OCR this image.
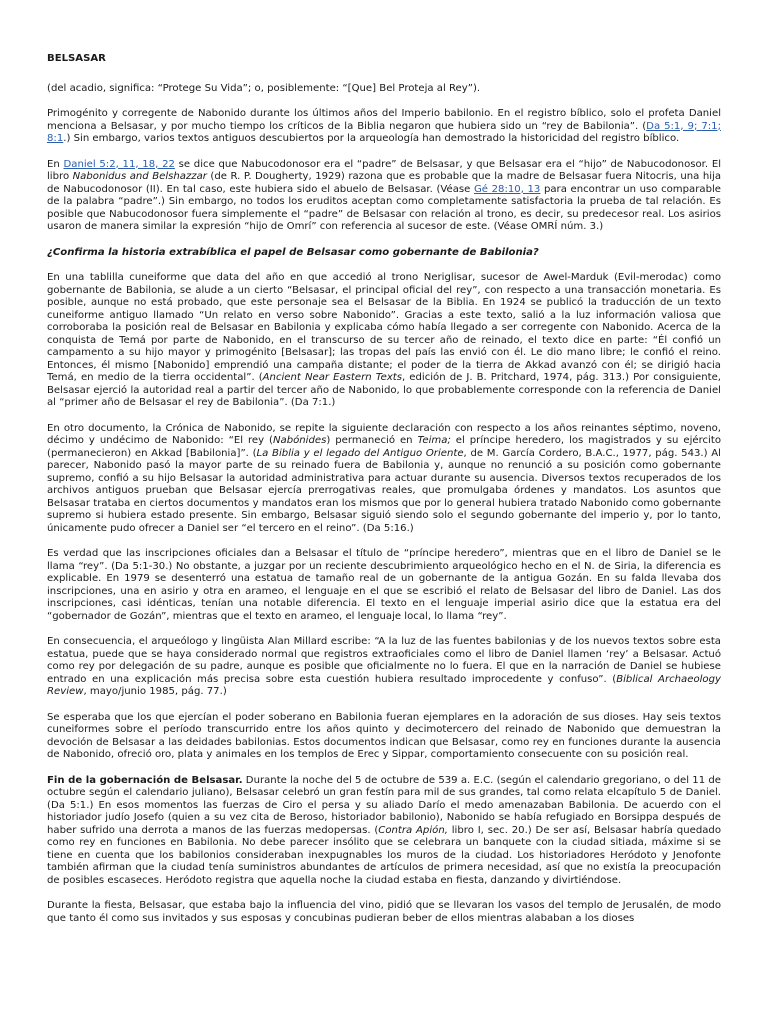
BELSASAR

(del acadio, significa: “Protege Su Vida”; o, posiblemente: “[Que] Bel Proteja al Rey”).

Primogénito y corregente de Nabonido durante los últimos años del Imperio babilonio. En el registro bíblico, solo el profeta Daniel menciona a Belsasar, y por mucho tiempo los críticos de la Biblia negaron que hubiera sido un “rey de Babilonia”. (Da 5:1, 9; 7:1; 8:1.) Sin embargo, varios textos antiguos descubiertos por la arqueología han demostrado la historicidad del registro bíblico.

En Daniel 5:2, 11, 18, 22 se dice que Nabucodonosor era el “padre” de Belsasar, y que Belsasar era el “hijo” de Nabucodonosor. El libro Nabonidus and Belshazzar (de R. P. Dougherty, 1929) razona que es probable que la madre de Belsasar fuera Nitocris, una hija de Nabucodonosor (II). En tal caso, este hubiera sido el abuelo de Belsasar. (Véase Gé 28:10, 13 para encontrar un uso comparable de la palabra “padre”.) Sin embargo, no todos los eruditos aceptan como completamente satisfactoria la prueba de tal relación. Es posible que Nabucodonosor fuera simplemente el “padre” de Belsasar con relación al trono, es decir, su predecesor real. Los asirios usaron de manera similar la expresión “hijo de Omrí” con referencia al sucesor de este. (Véase OMRÍ núm. 3.)

¿Confirma la historia extrabíblica el papel de Belsasar como gobernante de Babilonia?

En una tablilla cuneiforme que data del año en que accedió al trono Neriglisar, sucesor de Awel-Marduk (Evil-merodac) como gobernante de Babilonia, se alude a un cierto “Belsasar, el principal oficial del rey”, con respecto a una transacción monetaria. Es posible, aunque no está probado, que este personaje sea el Belsasar de la Biblia. En 1924 se publicó la traducción de un texto cuneiforme antiguo llamado “Un relato en verso sobre Nabonido”. Gracias a este texto, salió a la luz información valiosa que corroboraba la posición real de Belsasar en Babilonia y explicaba cómo había llegado a ser corregente con Nabonido. Acerca de la conquista de Temá por parte de Nabonido, en el transcurso de su tercer año de reinado, el texto dice en parte: “Él confió un campamento a su hijo mayor y primogénito [Belsasar]; las tropas del país las envió con él. Le dio mano libre; le confió el reino. Entonces, él mismo [Nabonido] emprendió una campaña distante; el poder de la tierra de Akkad avanzó con él; se dirigió hacia Temá, en medio de la tierra occidental”. (Ancient Near Eastern Texts, edición de J. B. Pritchard, 1974, pág. 313.) Por consiguiente, Belsasar ejerció la autoridad real a partir del tercer año de Nabonido, lo que probablemente corresponde con la referencia de Daniel al “primer año de Belsasar el rey de Babilonia”. (Da 7:1.)

En otro documento, la Crónica de Nabonido, se repite la siguiente declaración con respecto a los años reinantes séptimo, noveno, décimo y undécimo de Nabonido: “El rey (Nabónides) permaneció en Teima; el príncipe heredero, los magistrados y su ejército (permanecieron) en Akkad [Babilonia]”. (La Biblia y el legado del Antiguo Oriente, de M. García Cordero, B.A.C., 1977, pág. 543.) Al parecer, Nabonido pasó la mayor parte de su reinado fuera de Babilonia y, aunque no renunció a su posición como gobernante supremo, confió a su hijo Belsasar la autoridad administrativa para actuar durante su ausencia. Diversos textos recuperados de los archivos antiguos prueban que Belsasar ejercía prerrogativas reales, que promulgaba órdenes y mandatos. Los asuntos que Belsasar trataba en ciertos documentos y mandatos eran los mismos que por lo general hubiera tratado Nabonido como gobernante supremo si hubiera estado presente. Sin embargo, Belsasar siguió siendo solo el segundo gobernante del imperio y, por lo tanto, únicamente pudo ofrecer a Daniel ser “el tercero en el reino”. (Da 5:16.)

Es verdad que las inscripciones oficiales dan a Belsasar el título de “príncipe heredero”, mientras que en el libro de Daniel se le llama “rey”. (Da 5:1-30.) No obstante, a juzgar por un reciente descubrimiento arqueológico hecho en el N. de Siria, la diferencia es explicable. En 1979 se desenterró una estatua de tamaño real de un gobernante de la antigua Gozán. En su falda llevaba dos inscripciones, una en asirio y otra en arameo, el lenguaje en el que se escribió el relato de Belsasar del libro de Daniel. Las dos inscripciones, casi idénticas, tenían una notable diferencia. El texto en el lenguaje imperial asirio dice que la estatua era del “gobernador de Gozán”, mientras que el texto en arameo, el lenguaje local, lo llama “rey”.

En consecuencia, el arqueólogo y lingüista Alan Millard escribe: “A la luz de las fuentes babilonias y de los nuevos textos sobre esta estatua, puede que se haya considerado normal que registros extraoficiales como el libro de Daniel llamen ‘rey’ a Belsasar. Actuó como rey por delegación de su padre, aunque es posible que oficialmente no lo fuera. El que en la narración de Daniel se hubiese entrado en una explicación más precisa sobre esta cuestión hubiera resultado improcedente y confuso”. (Biblical Archaeology Review, mayo/junio 1985, pág. 77.)

Se esperaba que los que ejercían el poder soberano en Babilonia fueran ejemplares en la adoración de sus dioses. Hay seis textos cuneiformes sobre el período transcurrido entre los años quinto y decimotercero del reinado de Nabonido que demuestran la devoción de Belsasar a las deidades babilonias. Estos documentos indican que Belsasar, como rey en funciones durante la ausencia de Nabonido, ofreció oro, plata y animales en los templos de Erec y Sippar, comportamiento consecuente con su posición real.

Fin de la gobernación de Belsasar. Durante la noche del 5 de octubre de 539 a. E.C. (según el calendario gregoriano, o del 11 de octubre según el calendario juliano), Belsasar celebró un gran festín para mil de sus grandes, tal como relata elcapítulo 5 de Daniel. (Da 5:1.) En esos momentos las fuerzas de Ciro el persa y su aliado Darío el medo amenazaban Babilonia. De acuerdo con el historiador judío Josefo (quien a su vez cita de Beroso, historiador babilonio), Nabonido se había refugiado en Borsippa después de haber sufrido una derrota a manos de las fuerzas medopersas. (Contra Apión, libro I, sec. 20.) De ser así, Belsasar habría quedado como rey en funciones en Babilonia. No debe parecer insólito que se celebrara un banquete con la ciudad sitiada, máxime si se tiene en cuenta que los babilonios consideraban inexpugnables los muros de la ciudad. Los historiadores Heródoto y Jenofonte también afirman que la ciudad tenía suministros abundantes de artículos de primera necesidad, así que no existía la preocupación de posibles escaseces. Heródoto registra que aquella noche la ciudad estaba en fiesta, danzando y divirtiéndose.

Durante la fiesta, Belsasar, que estaba bajo la influencia del vino, pidió que se llevaran los vasos del templo de Jerusalén, de modo que tanto él como sus invitados y sus esposas y concubinas pudieran beber de ellos mientras alababan a los dioses
